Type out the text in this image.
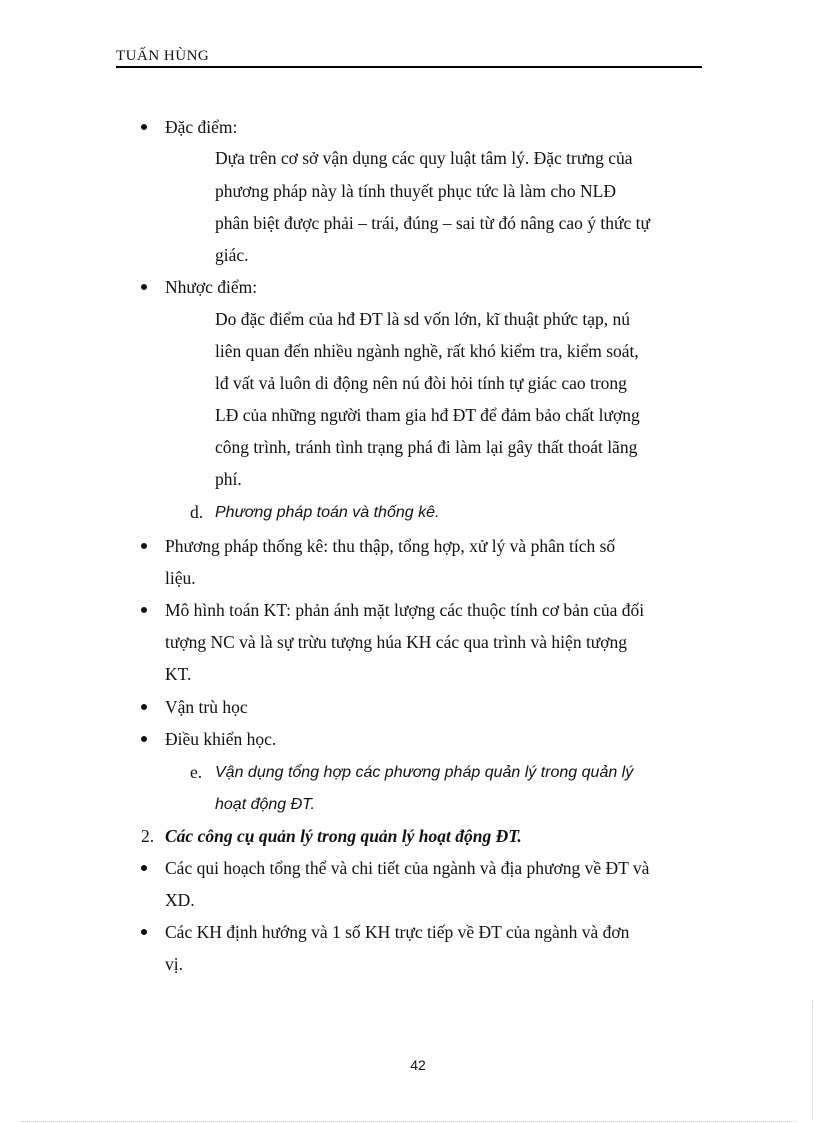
TUẤN HÙNG
Đặc điểm:
Dựa trên cơ sở vận dụng các quy luật tâm lý. Đặc trưng của
phương pháp này là tính thuyết phục tức là làm cho NLĐ
phân biệt được phải – trái, đúng – sai từ đó nâng cao ý thức tự
giác.
Nhược điểm:
Do đặc điểm của hđ ĐT là sd vốn lớn, kĩ thuật phức tạp, nú
liên quan đến nhiều ngành nghề, rất khó kiểm tra, kiểm soát,
lđ vất vả luôn di động nên nú đòi hỏi tính tự giác cao trong
LĐ của những người tham gia hđ ĐT để đảm bảo chất lượng
công trình, tránh tình trạng phá đi làm lại gây thất thoát lãng
phí.
d. Phương pháp toán và thống kê.
Phương pháp thống kê: thu thập, tổng hợp, xử lý và phân tích số
liệu.
Mô hình toán KT: phản ánh mặt lượng các thuộc tính cơ bản của đối
tượng NC và là sự trừu tượng húa KH các qua trình và hiện tượng
KT.
Vận trù học
Điều khiển học.
e. Vận dụng tổng hợp các phương pháp quản lý trong quản lý
hoạt động ĐT.
2. Các công cụ quản lý trong quản lý hoạt động ĐT.
Các qui hoạch tổng thể và chi tiết của ngành và địa phương về ĐT và
XD.
Các KH định hướng và 1 số KH trực tiếp về ĐT của ngành và đơn
vị.
42
